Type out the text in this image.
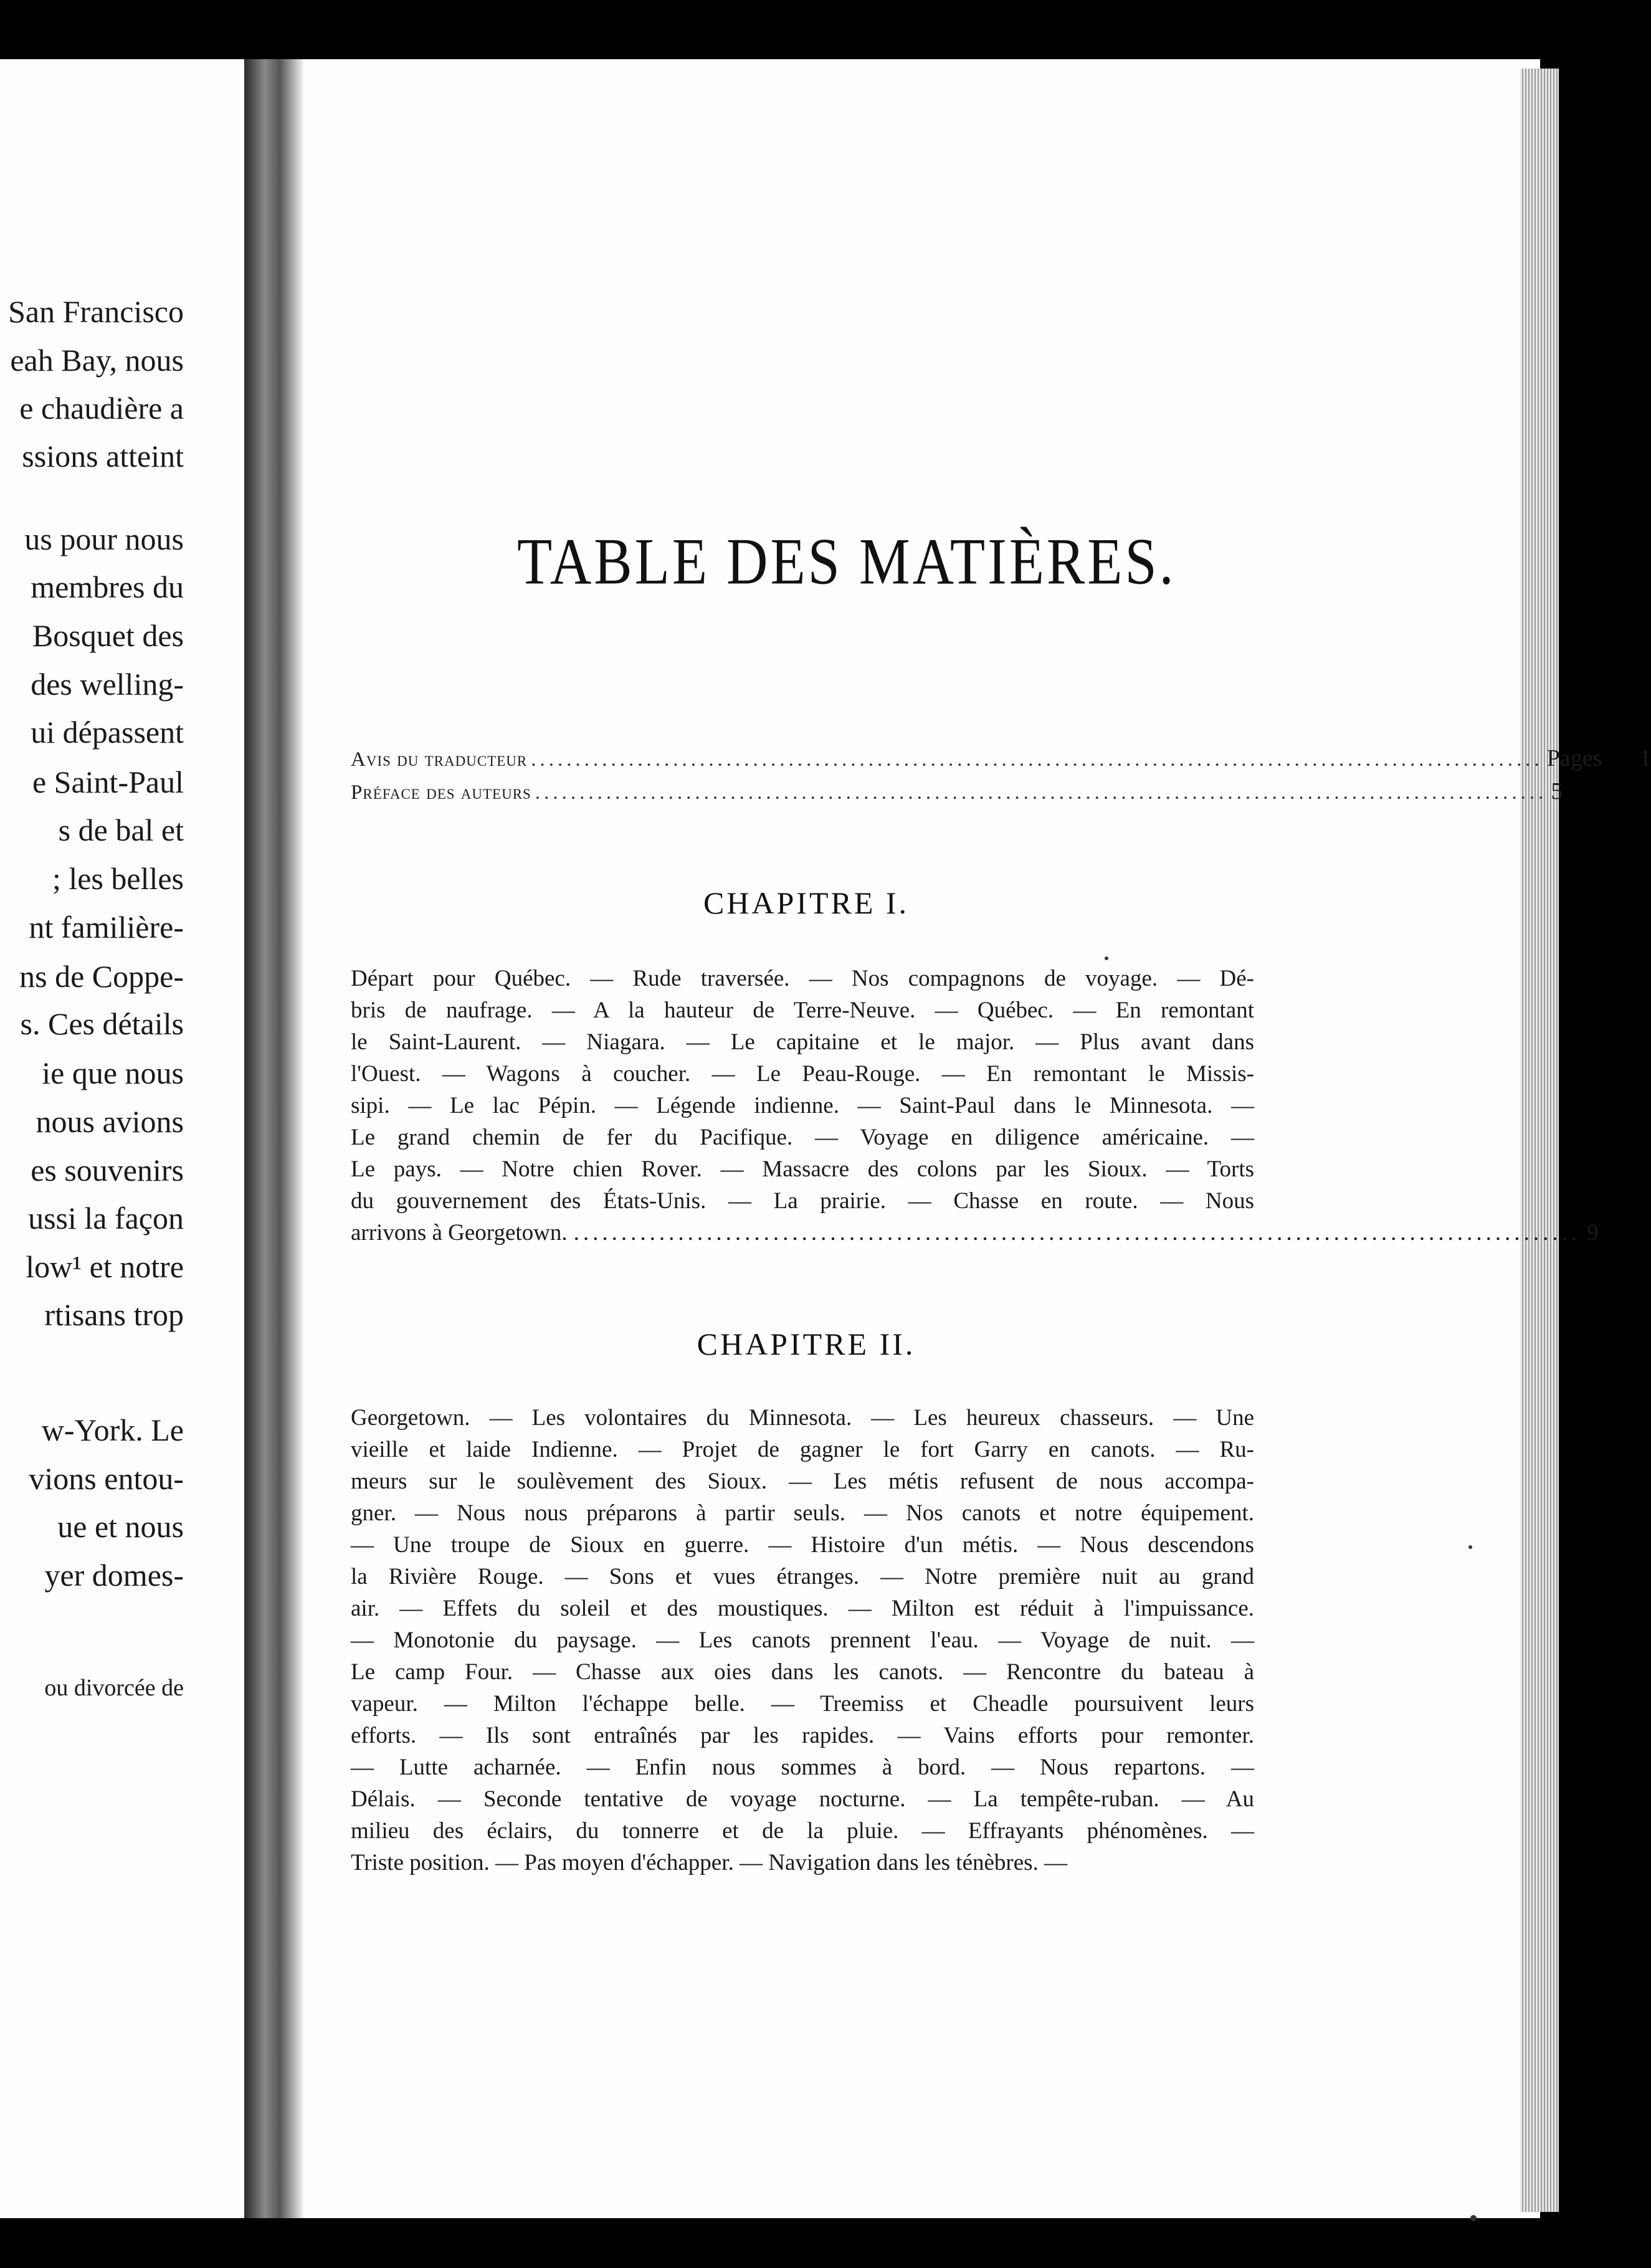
San Francisco
eah Bay, nous
e chaudière a
ssions atteint
us pour nous
membres du
Bosquet des
des welling-
ui dépassent
e Saint-Paul
s de bal et
; les belles
nt familière-
ns de Coppe-
s. Ces détails
ie que nous
nous avions
es souvenirs
ussi la façon
low¹ et notre
rtisans trop
w-York. Le
vions entou-
ue et nous
yer domes-
ou divorcée de
TABLE DES MATIÈRES.
Avis du traducteur .................................................................................................................. Pages 1
Préface des auteurs .................................................................................................................. 5
CHAPITRE I.
Départ pour Québec. — Rude traversée. — Nos compagnons de voyage. — Dé-
bris de naufrage. — A la hauteur de Terre-Neuve. — Québec. — En remontant
le Saint-Laurent. — Niagara. — Le capitaine et le major. — Plus avant dans
l'Ouest. — Wagons à coucher. — Le Peau-Rouge. — En remontant le Missis-
sipi. — Le lac Pépin. — Légende indienne. — Saint-Paul dans le Minnesota. —
Le grand chemin de fer du Pacifique. — Voyage en diligence américaine. —
Le pays. — Notre chien Rover. — Massacre des colons par les Sioux. — Torts
du gouvernement des États-Unis. — La prairie. — Chasse en route. — Nous
arrivons à Georgetown. .......................................................................................................... 9
CHAPITRE II.
Georgetown. — Les volontaires du Minnesota. — Les heureux chasseurs. — Une
vieille et laide Indienne. — Projet de gagner le fort Garry en canots. — Ru-
meurs sur le soulèvement des Sioux. — Les métis refusent de nous accompa-
gner. — Nous nous préparons à partir seuls. — Nos canots et notre équipement.
— Une troupe de Sioux en guerre. — Histoire d'un métis. — Nous descendons
la Rivière Rouge. — Sons et vues étranges. — Notre première nuit au grand
air. — Effets du soleil et des moustiques. — Milton est réduit à l'impuissance.
— Monotonie du paysage. — Les canots prennent l'eau. — Voyage de nuit. —
Le camp Four. — Chasse aux oies dans les canots. — Rencontre du bateau à
vapeur. — Milton l'échappe belle. — Treemiss et Cheadle poursuivent leurs
efforts. — Ils sont entraînés par les rapides. — Vains efforts pour remonter.
— Lutte acharnée. — Enfin nous sommes à bord. — Nous repartons. —
Délais. — Seconde tentative de voyage nocturne. — La tempête-ruban. — Au
milieu des éclairs, du tonnerre et de la pluie. — Effrayants phénomènes. —
Triste position. — Pas moyen d'échapper. — Navigation dans les ténèbres. —
